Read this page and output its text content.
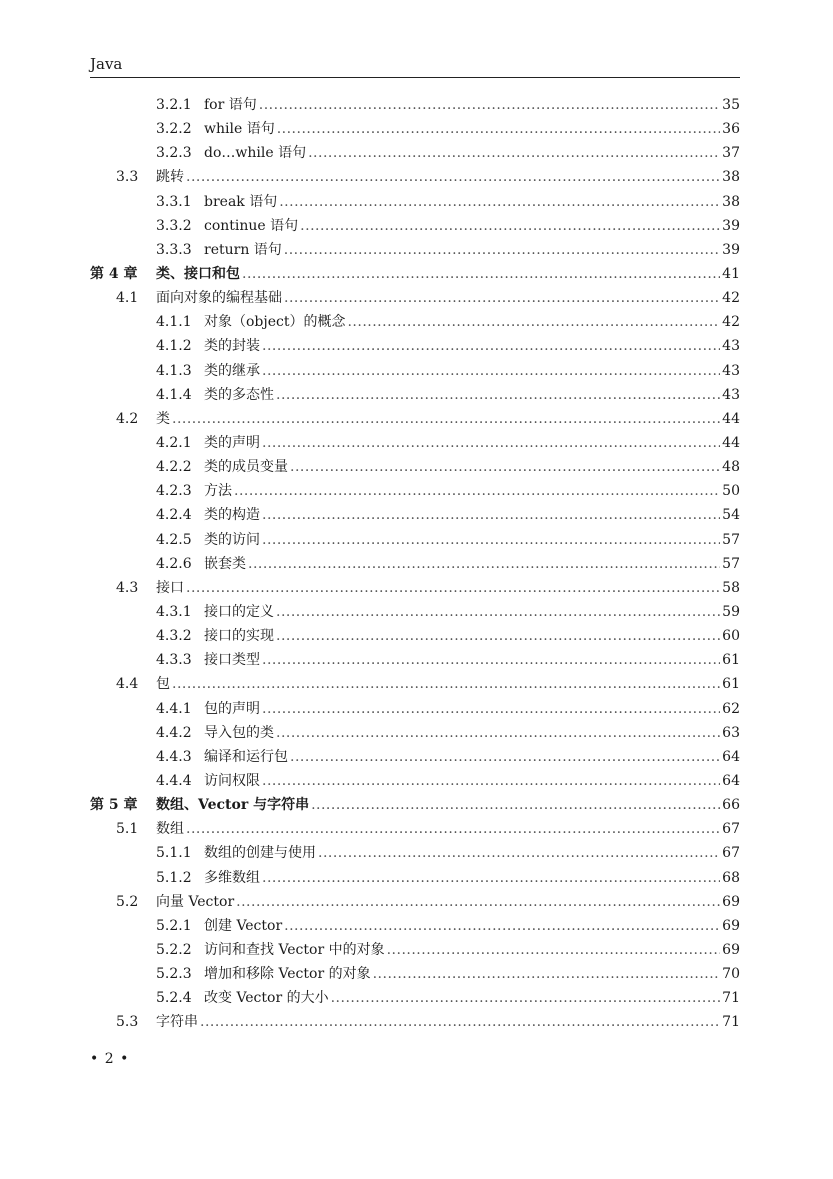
Java
3.2.1 for 语句 .....	35
3.2.2 while 语句 .....	36
3.2.3 do…while 语句 .....	37
3.3	跳转 .....	38
3.3.1 break 语句 .....	38
3.3.2 continue 语句 .....	39
3.3.3 return 语句 .....	39
第 4 章	类、接口和包 .....	41
4.1	面向对象的编程基础 .....	42
4.1.1 对象（object）的概念 .....	42
4.1.2 类的封装 .....	43
4.1.3 类的继承 .....	43
4.1.4 类的多态性 .....	43
4.2	类 .....	44
4.2.1 类的声明 .....	44
4.2.2 类的成员变量 .....	48
4.2.3 方法 .....	50
4.2.4 类的构造 .....	54
4.2.5 类的访问 .....	57
4.2.6 嵌套类 .....	57
4.3	接口 .....	58
4.3.1 接口的定义 .....	59
4.3.2 接口的实现 .....	60
4.3.3 接口类型 .....	61
4.4	包 .....	61
4.4.1 包的声明 .....	62
4.4.2 导入包的类 .....	63
4.4.3 编译和运行包 .....	64
4.4.4 访问权限 .....	64
第 5 章	数组、Vector 与字符串 .....	66
5.1	数组 .....	67
5.1.1 数组的创建与使用 .....	67
5.1.2 多维数组 .....	68
5.2	向量 Vector .....	69
5.2.1 创建 Vector .....	69
5.2.2 访问和查找 Vector 中的对象 .....	69
5.2.3 增加和移除 Vector 的对象 .....	70
5.2.4 改变 Vector 的大小 .....	71
5.3	字符串 .....	71
• 2 •
